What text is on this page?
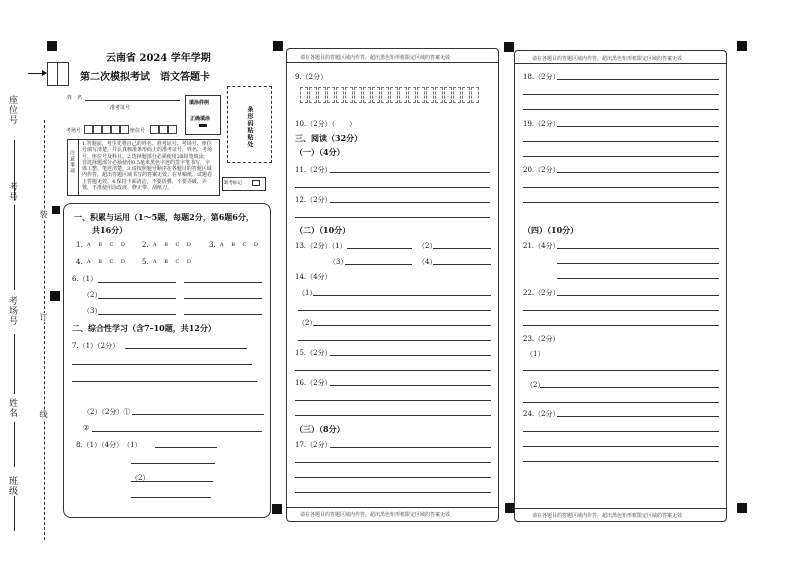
座位号
考号
考场号
姓名
班级
装
订
线
云南省 2024 学年学期
第二次模拟考试　语文答题卡
姓　名
准考证号
考场号	座位号
填涂样例
正确填涂	条形码粘贴处
注意事项
1.答题前，考生先将自己的姓名、准考证号、考场号、座位号填写清楚，并认真核准条形码上的准考证号、姓名、考场号、座位号及科目。2.选择题部分必须使用2B铅笔填涂；非选择题部分必须使用0.5毫米黑色字迹的签字笔书写，字体工整、笔迹清楚。3.请按照题号顺序在各题目的答题区域内作答，超出答题区域书写的答案无效；在草稿纸、试题卷上答题无效。4.保持卡面清洁，不要折叠、不要弄破、弄皱，不准使用涂改液、修正带、刮纸刀。
缺考标记
一、积累与运用（1～5题，每题2分，第6题6分，
共16分）
1. A B C D 2. A B C D 3. A B C D
4. A B C D 5. A B C D
6.（1）
（2）
（3）
二、综合性学习（含7–10题，共12分）
7.（1）（2分）
（2）（2分）①
②
8.（1）（4分）　（1）
（2）
请在各题目的答题区域内作答，超出黑色矩形框限定区域的答案无效
请在各题目的答题区域内作答，超出黑色矩形框限定区域的答案无效
9.（2分）
10.（2分）（　　）
三、阅读（32分）
（一）（4分）
11.（2分）
12.（2分）
（二）（10分）
13.（2分）（1）	（2）
（3）	（4）
14.（4分）
（1）
（2）
15.（2分）
16.（2分）
（三）（8分）
17.（2分）
请在各题目的答题区域内作答，超出黑色矩形框限定区域的答案无效
请在各题目的答题区域内作答，超出黑色矩形框限定区域的答案无效
18.（2分）
19.（2分）
20.（2分）
（四）（10分）
21.（4分）
22.（2分）
23.（2分）
（1）
（2）
24.（2分）
